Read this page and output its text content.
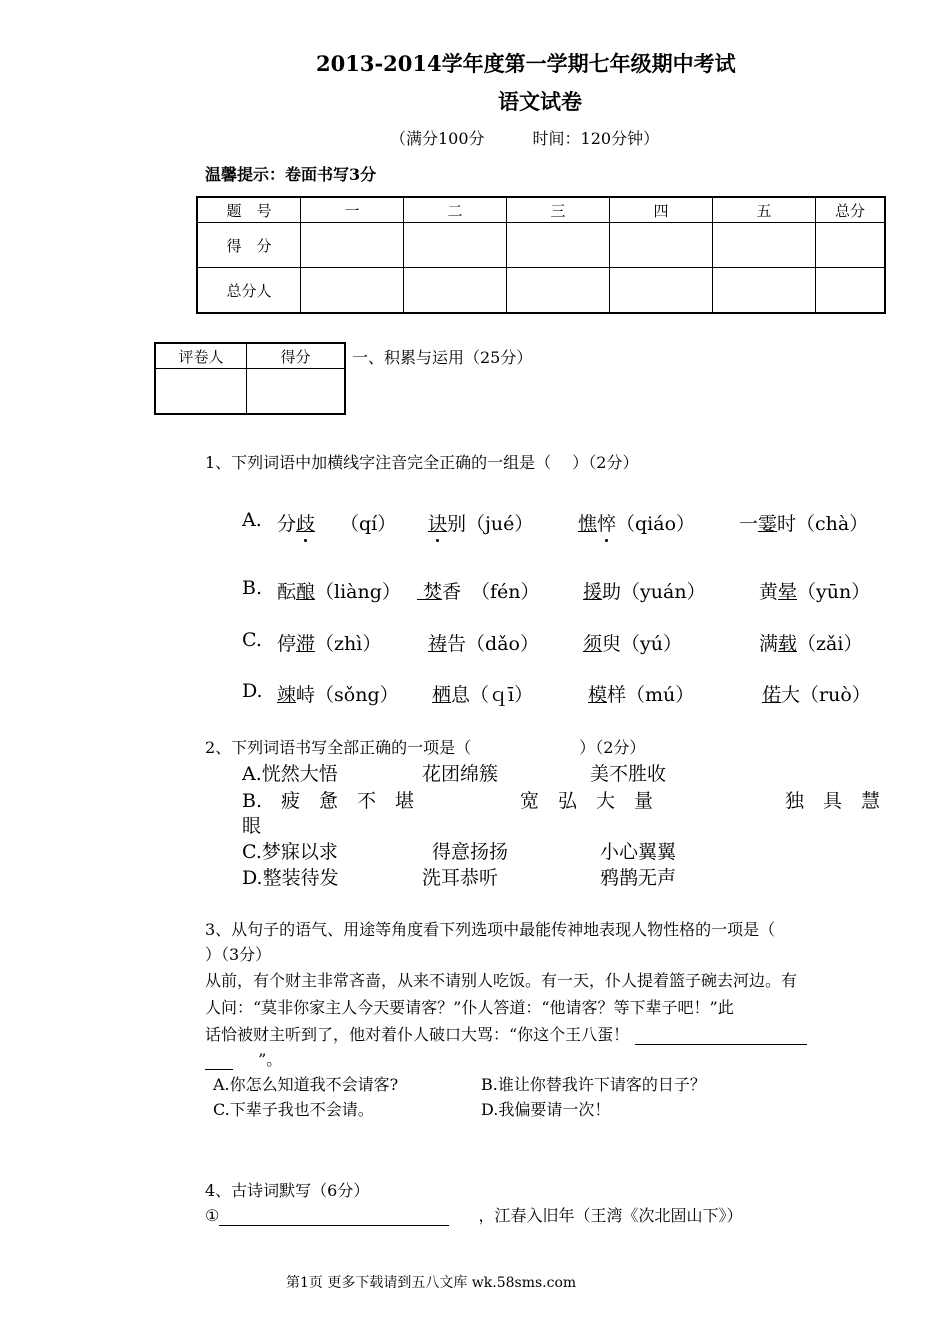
2013-2014学年度第一学期七年级期中考试
语文试卷
（满分100分　　　时间：120分钟）
温馨提示：卷面书写3分
题　号	一	二	三	四	五	总分
得　分						
总分人						
评卷人	得分
		一、积累与运用（25分）
1、下列词语中加横线字注音完全正确的一组是（　 ）（2分）
A. 分歧 （qí） 诀别 （jué） 憔悴 （qiáo） 一霎时（chà）
B. 酝酿（liàng）	焚香 （fén） 援助（yuán）	黄晕（yūn）
C. 停滞（zhì） 祷告（dǎo） 须臾（yú）	满载（zǎi）
D. 竦峙（sǒng） 栖息（ｑī）	模样（mú）	偌大（ruò）
2、下列词语书写全部正确的一项是（	）（2分）
A.恍然大悟	花团绵簇	美不胜收
B.　疲　惫　不　堪	宽　弘　大　量	独　具　慧
眼
C.梦寐以求	得意扬扬	小心翼翼
D.整装待发	洗耳恭听	鸦鹊无声
3、从句子的语气、用途等角度看下列选项中最能传神地表现人物性格的一项是（
）（3分）
从前，有个财主非常吝啬，从来不请别人吃饭。有一天，仆人提着篮子碗去河边。有
人问：“莫非你家主人今天要请客？”仆人答道：“他请客？等下辈子吧！”此
话恰被财主听到了，他对着仆人破口大骂：“你这个王八蛋！
”。
A.你怎么知道我不会请客?	B.谁让你替我许下请客的日子？
C.下辈子我也不会请。	D.我偏要请一次！
4、古诗词默写（6分）
①	，江春入旧年（王湾《次北固山下》）
第1页 更多下载请到五八文库 wk.58sms.com
